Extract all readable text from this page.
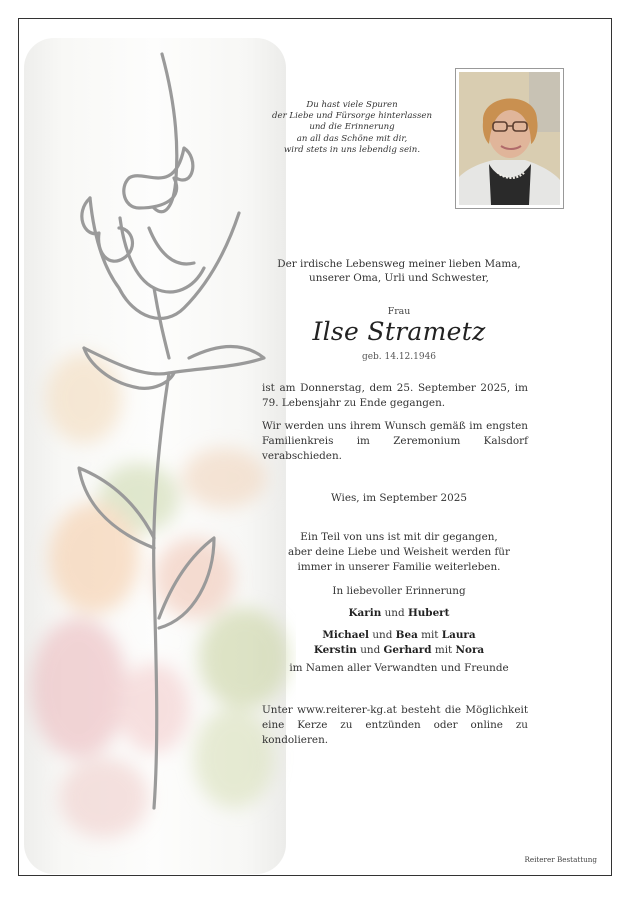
Du hast viele Spuren
der Liebe und Fürsorge hinterlassen
und die Erinnerung
an all das Schöne mit dir,
wird stets in uns lebendig sein.
Der irdische Lebensweg meiner lieben Mama,
unserer Oma, Urli und Schwester,
Frau
Ilse Strametz
geb. 14.12.1946
ist am Donnerstag, dem 25. September 2025, im 79. Lebensjahr zu Ende gegangen.
Wir werden uns ihrem Wunsch gemäß im engsten Familienkreis im Zeremonium Kalsdorf verabschieden.
Wies, im September 2025
Ein Teil von uns ist mit dir gegangen,
aber deine Liebe und Weisheit werden für
immer in unserer Familie weiterleben.
In liebevoller Erinnerung
Karin und Hubert
Michael und Bea mit Laura
Kerstin und Gerhard mit Nora
im Namen aller Verwandten und Freunde
Unter www.reiterer-kg.at besteht die Möglichkeit eine Kerze zu entzünden oder online zu kondolieren.
Reiterer Bestattung
